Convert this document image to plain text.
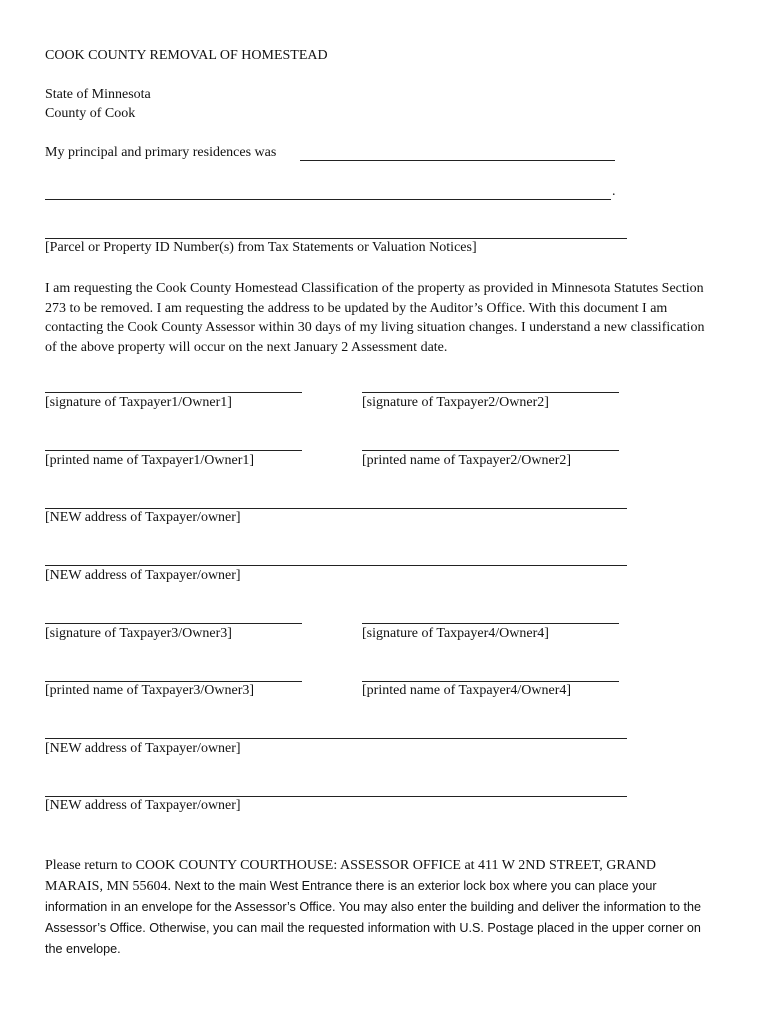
COOK COUNTY REMOVAL OF HOMESTEAD
State of Minnesota
County of Cook
My principal and primary residences was
.
[Parcel or Property ID Number(s) from Tax Statements or Valuation Notices]
I am requesting the Cook County Homestead Classification of the property as provided in Minnesota Statutes Section 273 to be removed. I am requesting the address to be updated by the Auditor’s Office. With this document I am contacting the Cook County Assessor within 30 days of my living situation changes. I understand a new classification of the above property will occur on the next January 2 Assessment date.
[signature of Taxpayer1/Owner1]	[signature of Taxpayer2/Owner2]
[printed name of Taxpayer1/Owner1]	[printed name of Taxpayer2/Owner2]
[NEW address of Taxpayer/owner]
[NEW address of Taxpayer/owner]
[signature of Taxpayer3/Owner3]	[signature of Taxpayer4/Owner4]
[printed name of Taxpayer3/Owner3]	[printed name of Taxpayer4/Owner4]
[NEW address of Taxpayer/owner]
[NEW address of Taxpayer/owner]
Please return to COOK COUNTY COURTHOUSE: ASSESSOR OFFICE at 411 W 2ND STREET, GRAND MARAIS, MN 55604. Next to the main West Entrance there is an exterior lock box where you can place your information in an envelope for the Assessor’s Office. You may also enter the building and deliver the information to the Assessor’s Office. Otherwise, you can mail the requested information with U.S. Postage placed in the upper corner on the envelope.
